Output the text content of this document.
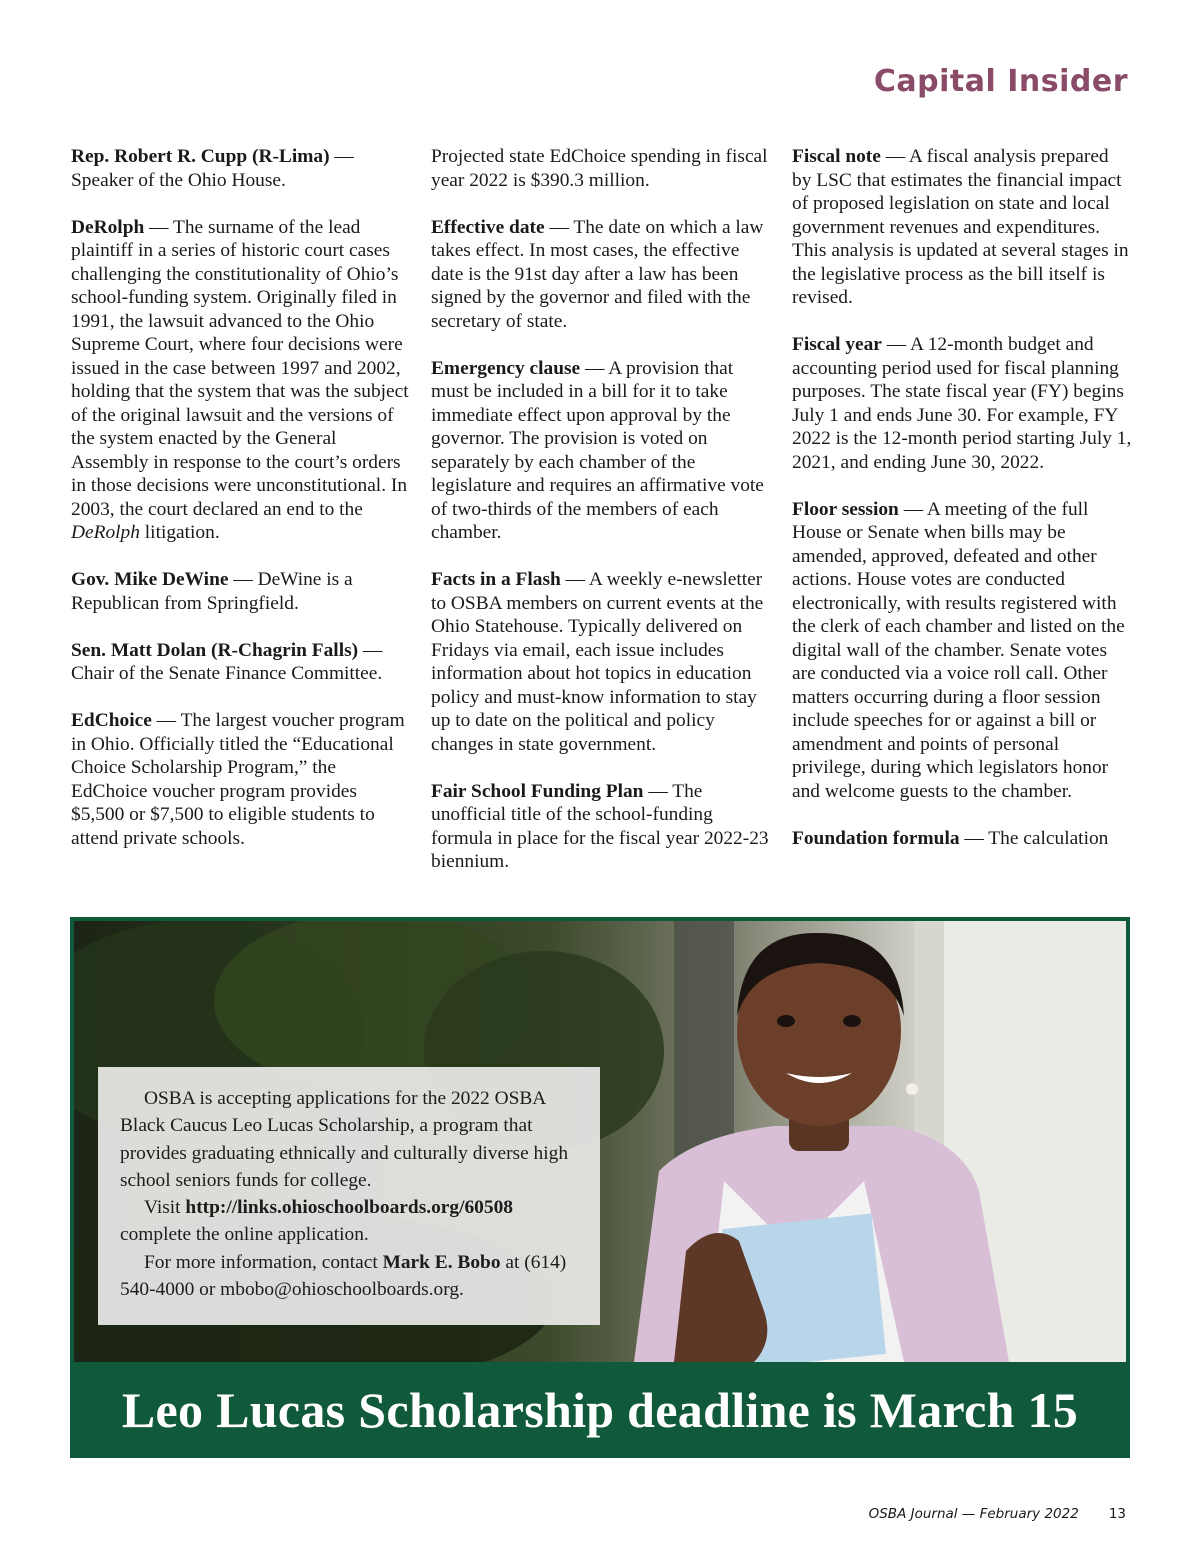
Capital Insider

Rep. Robert R. Cupp (R-Lima) — Speaker of the Ohio House.

DeRolph — The surname of the lead plaintiff in a series of historic court cases challenging the constitutionality of Ohio’s school-funding system. Originally filed in 1991, the lawsuit advanced to the Ohio Supreme Court, where four decisions were issued in the case between 1997 and 2002, holding that the system that was the subject of the original lawsuit and the versions of the system enacted by the General Assembly in response to the court’s orders in those decisions were unconstitutional. In 2003, the court declared an end to the DeRolph litigation.

Gov. Mike DeWine — DeWine is a Republican from Springfield.

Sen. Matt Dolan (R-Chagrin Falls) — Chair of the Senate Finance Committee.

EdChoice — The largest voucher program in Ohio. Officially titled the “Educational Choice Scholarship Program,” the EdChoice voucher program provides $5,500 or $7,500 to eligible students to attend private schools.

Projected state EdChoice spending in fiscal year 2022 is $390.3 million.

Effective date — The date on which a law takes effect. In most cases, the effective date is the 91st day after a law has been signed by the governor and filed with the secretary of state.

Emergency clause — A provision that must be included in a bill for it to take immediate effect upon approval by the governor. The provision is voted on separately by each chamber of the legislature and requires an affirmative vote of two-thirds of the members of each chamber.

Facts in a Flash — A weekly e-newsletter to OSBA members on current events at the Ohio Statehouse. Typically delivered on Fridays via email, each issue includes information about hot topics in education policy and must-know information to stay up to date on the political and policy changes in state government.

Fair School Funding Plan — The unofficial title of the school-funding formula in place for the fiscal year 2022-23 biennium.

Fiscal note — A fiscal analysis prepared by LSC that estimates the financial impact of proposed legislation on state and local government revenues and expenditures. This analysis is updated at several stages in the legislative process as the bill itself is revised.

Fiscal year — A 12-month budget and accounting period used for fiscal planning purposes. The state fiscal year (FY) begins July 1 and ends June 30. For example, FY 2022 is the 12-month period starting July 1, 2021, and ending June 30, 2022.

Floor session — A meeting of the full House or Senate when bills may be amended, approved, defeated and other actions. House votes are conducted electronically, with results registered with the clerk of each chamber and listed on the digital wall of the chamber. Senate votes are conducted via a voice roll call. Other matters occurring during a floor session include speeches for or against a bill or amendment and points of personal privilege, during which legislators honor and welcome guests to the chamber.

Foundation formula — The calculation

OSBA is accepting applications for the 2022 OSBA Black Caucus Leo Lucas Scholarship, a program that provides graduating ethnically and culturally diverse high school seniors funds for college.

Visit http://links.ohioschoolboards.org/60508 complete the online application.

For more information, contact Mark E. Bobo at (614) 540-4000 or mbobo@ohioschoolboards.org.

Leo Lucas Scholarship deadline is March 15
OSBA Journal — February 2022 13
